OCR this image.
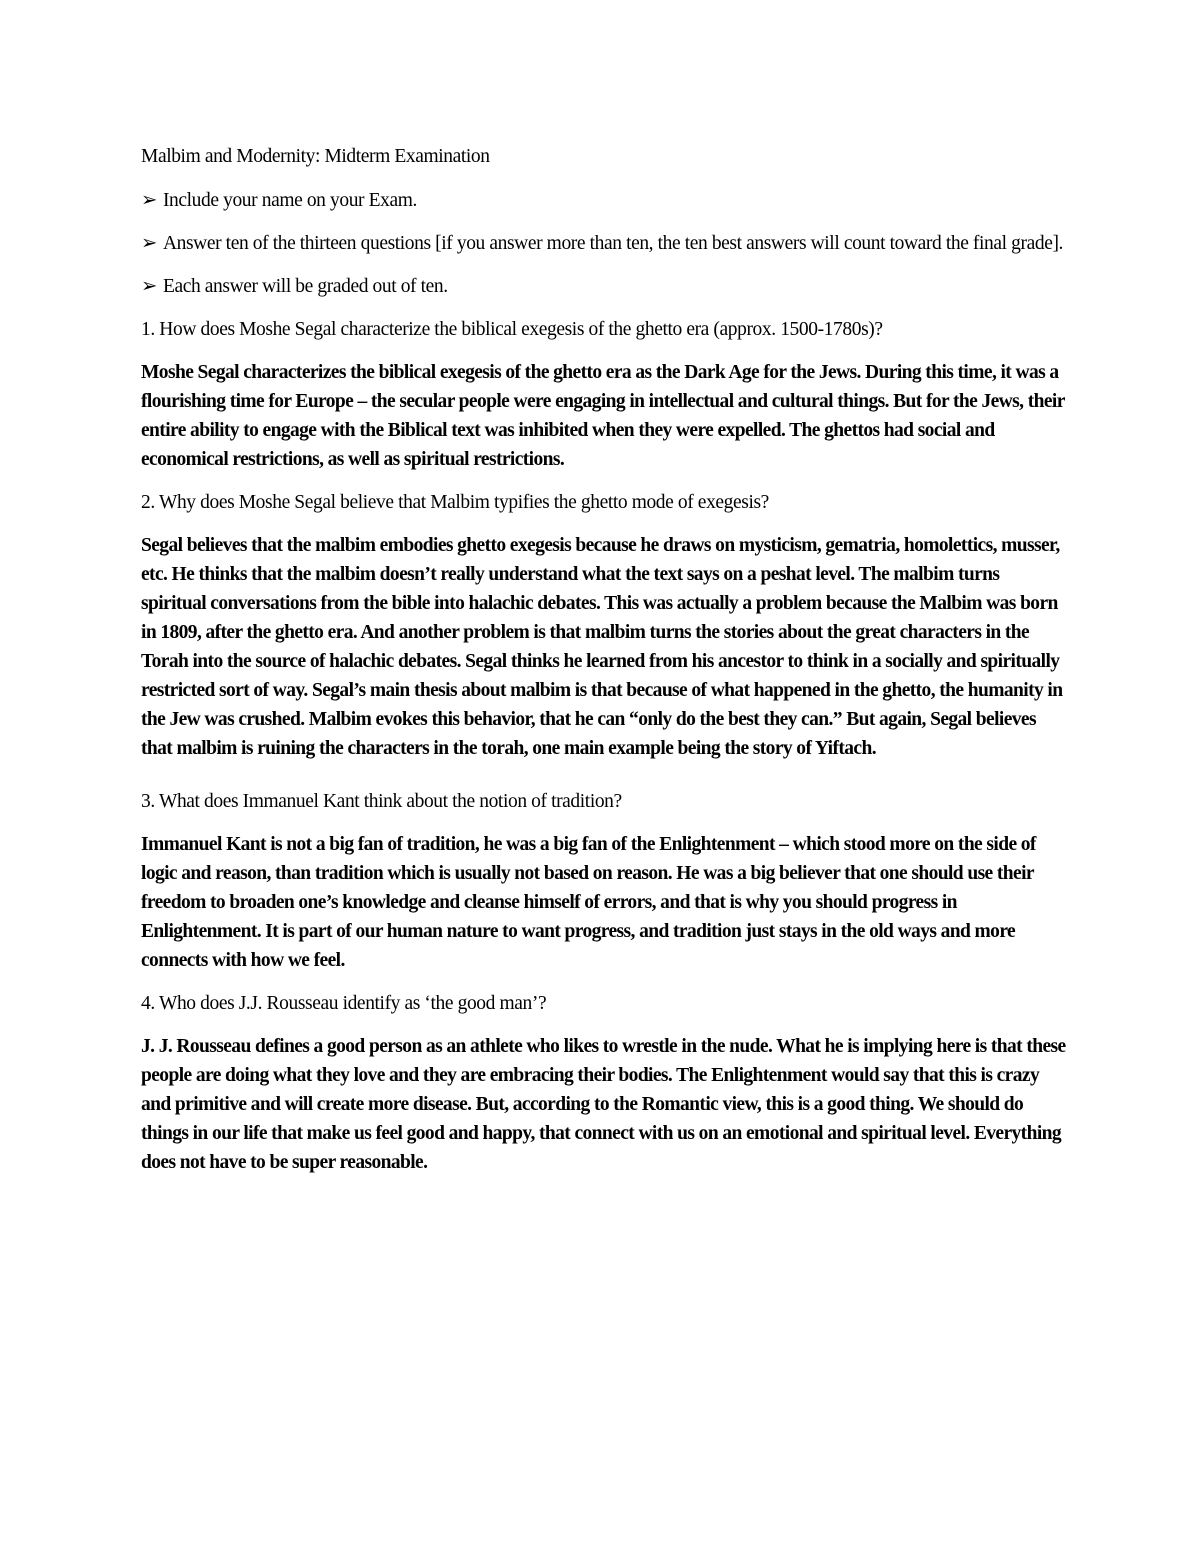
Malbim and Modernity: Midterm Examination

➢ Include your name on your Exam.

➢ Answer ten of the thirteen questions [if you answer more than ten, the ten best answers will count toward the final grade].

➢ Each answer will be graded out of ten.

1. How does Moshe Segal characterize the biblical exegesis of the ghetto era (approx. 1500-1780s)?

Moshe Segal characterizes the biblical exegesis of the ghetto era as the Dark Age for the Jews. During this time, it was a flourishing time for Europe – the secular people were engaging in intellectual and cultural things. But for the Jews, their entire ability to engage with the Biblical text was inhibited when they were expelled. The ghettos had social and economical restrictions, as well as spiritual restrictions.

2. Why does Moshe Segal believe that Malbim typifies the ghetto mode of exegesis?

Segal believes that the malbim embodies ghetto exegesis because he draws on mysticism, gematria, homolettics, musser, etc. He thinks that the malbim doesn’t really understand what the text says on a peshat level. The malbim turns spiritual conversations from the bible into halachic debates. This was actually a problem because the Malbim was born in 1809, after the ghetto era. And another problem is that malbim turns the stories about the great characters in the Torah into the source of halachic debates. Segal thinks he learned from his ancestor to think in a socially and spiritually restricted sort of way. Segal’s main thesis about malbim is that because of what happened in the ghetto, the humanity in the Jew was crushed. Malbim evokes this behavior, that he can “only do the best they can.” But again, Segal believes that malbim is ruining the characters in the torah, one main example being the story of Yiftach.

3. What does Immanuel Kant think about the notion of tradition?

Immanuel Kant is not a big fan of tradition, he was a big fan of the Enlightenment – which stood more on the side of logic and reason, than tradition which is usually not based on reason. He was a big believer that one should use their freedom to broaden one’s knowledge and cleanse himself of errors, and that is why you should progress in Enlightenment. It is part of our human nature to want progress, and tradition just stays in the old ways and more connects with how we feel.

4. Who does J.J. Rousseau identify as ‘the good man’?

J. J. Rousseau defines a good person as an athlete who likes to wrestle in the nude. What he is implying here is that these people are doing what they love and they are embracing their bodies. The Enlightenment would say that this is crazy and primitive and will create more disease. But, according to the Romantic view, this is a good thing. We should do things in our life that make us feel good and happy, that connect with us on an emotional and spiritual level. Everything does not have to be super reasonable.
